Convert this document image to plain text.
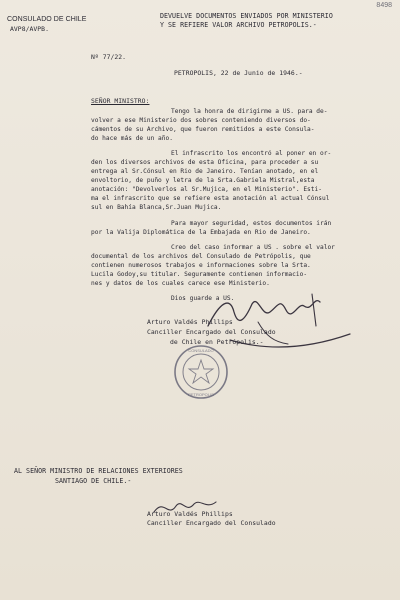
8498
CONSULADO DE CHILE
AVP8/AVPB.
DEVUELVE DOCUMENTOS ENVIADOS POR MINISTERIO
Y SE REFIERE VALOR ARCHIVO PETROPOLIS.-
Nº 77/22.
PETROPOLIS, 22 de Junio de 1946.-
SEÑOR MINISTRO:
Tengo la honra de dirigirme a US. para de-
volver a ese Ministerio dos sobres conteniendo diversos do-
cámentos de su Archivo, que fueron remitidos a este Consula-
do hace más de un año.
El infrascrito los encontró al poner en or-
den los diversos archivos de esta Oficina, para proceder a su
entrega al Sr.Cónsul en Rio de Janeiro. Tenían anotado, en el
envoltorio, de puño y letra de la Srta.Gabriela Mistral,esta
anotación: "Devolverlos al Sr.Mujica, en el Ministerio". Esti-
ma el infrascrito que se refiere esta anotación al actual Cónsul
sul en Bahía Blanca,Sr.Juan Mujica.
Para mayor seguridad, estos documentos irán
por la Valija Diplomática de la Embajada en Rio de Janeiro.
Creo del caso informar a US . sobre el valor
documental de los archivos del Consulado de Petrópolis, que
contienen numerosos trabajos e informaciones sobre la Srta.
Lucila Godoy,su titular. Seguramente contienen informacio-
nes y datos de los cuales carece ese Ministerio.
Dios guarde a US.
CONSULADO
PETROPOLIS
Arturo Valdés Phillips
Canciller Encargado del Consulado
de Chile en Petrópolis.-
AL SEÑOR MINISTRO DE RELACIONES EXTERIORES
SANTIAGO DE CHILE.-
Arturo Valdés Phillips
Canciller Encargado del Consulado
